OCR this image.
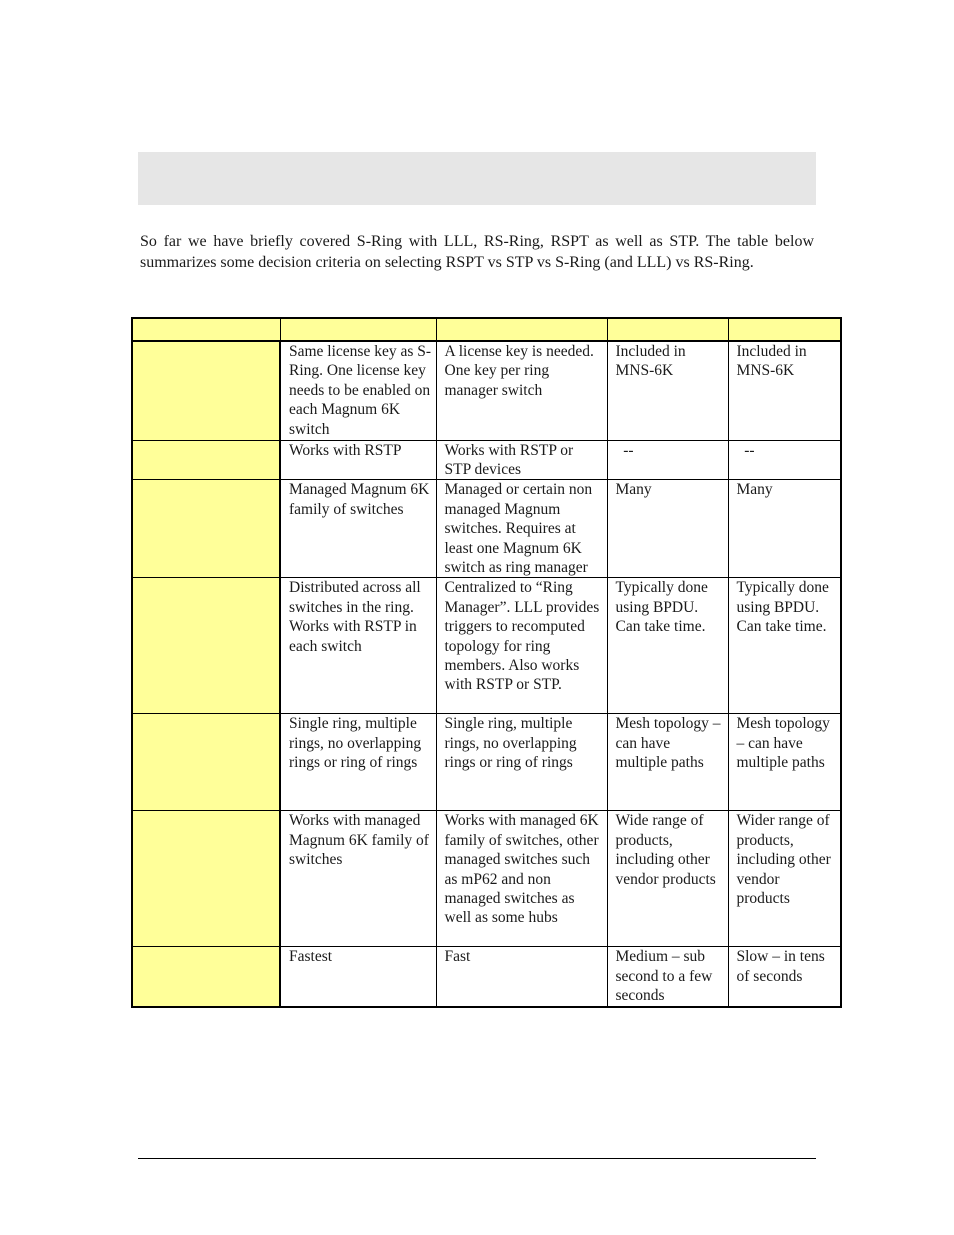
So far we have briefly covered S-Ring with LLL, RS-Ring, RSPT as well as STP. The table below summarizes some decision criteria on selecting RSPT vs STP vs S-Ring (and LLL) vs RS-Ring.

	Same license key as S-Ring. One license key needs to be enabled on each Magnum 6K switch	A license key is needed. One key per ring manager switch	Included in MNS-6K	Included in MNS-6K
	Works with RSTP	Works with RSTP or STP devices	--	--
	Managed Magnum 6K family of switches	Managed or certain non managed Magnum switches. Requires at least one Magnum 6K switch as ring manager	Many	Many
	Distributed across all switches in the ring. Works with RSTP in each switch	Centralized to “Ring Manager”. LLL provides triggers to recomputed topology for ring members. Also works with RSTP or STP.	Typically done using BPDU. Can take time.	Typically done using BPDU. Can take time.
	Single ring, multiple rings, no overlapping rings or ring of rings	Single ring, multiple rings, no overlapping rings or ring of rings	Mesh topology – can have multiple paths	Mesh topology – can have multiple paths
	Works with managed Magnum 6K family of switches	Works with managed 6K family of switches, other managed switches such as mP62 and non managed switches as well as some hubs	Wide range of products, including other vendor products	Wider range of products, including other vendor products
	Fastest	Fast	Medium – sub second to a few seconds	Slow – in tens of seconds
